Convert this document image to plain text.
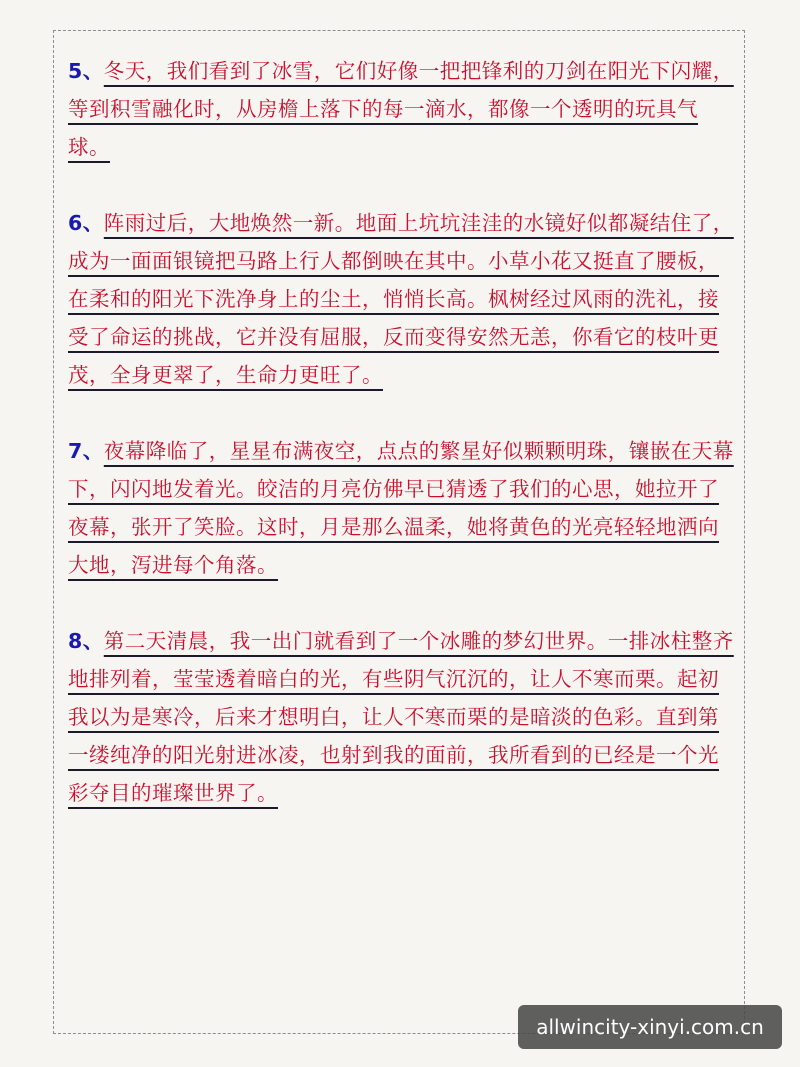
5、冬天，我们看到了冰雪，它们好像一把把锋利的刀剑在阳光下闪耀，等到积雪融化时，从房檐上落下的每一滴水，都像一个透明的玩具气球。

6、阵雨过后，大地焕然一新。地面上坑坑洼洼的水镜好似都凝结住了，成为一面面银镜把马路上行人都倒映在其中。小草小花又挺直了腰板，在柔和的阳光下洗净身上的尘土，悄悄长高。枫树经过风雨的洗礼，接受了命运的挑战，它并没有屈服，反而变得安然无恙，你看它的枝叶更茂，全身更翠了，生命力更旺了。

7、夜幕降临了，星星布满夜空，点点的繁星好似颗颗明珠，镶嵌在天幕下，闪闪地发着光。皎洁的月亮仿佛早已猜透了我们的心思，她拉开了夜幕，张开了笑脸。这时，月是那么温柔，她将黄色的光亮轻轻地洒向大地，泻进每个角落。

8、第二天清晨，我一出门就看到了一个冰雕的梦幻世界。一排冰柱整齐地排列着，莹莹透着暗白的光，有些阴气沉沉的，让人不寒而栗。起初我以为是寒冷，后来才想明白，让人不寒而栗的是暗淡的色彩。直到第一缕纯净的阳光射进冰凌，也射到我的面前，我所看到的已经是一个光彩夺目的璀璨世界了。

allwincity-xinyi.com.cn
